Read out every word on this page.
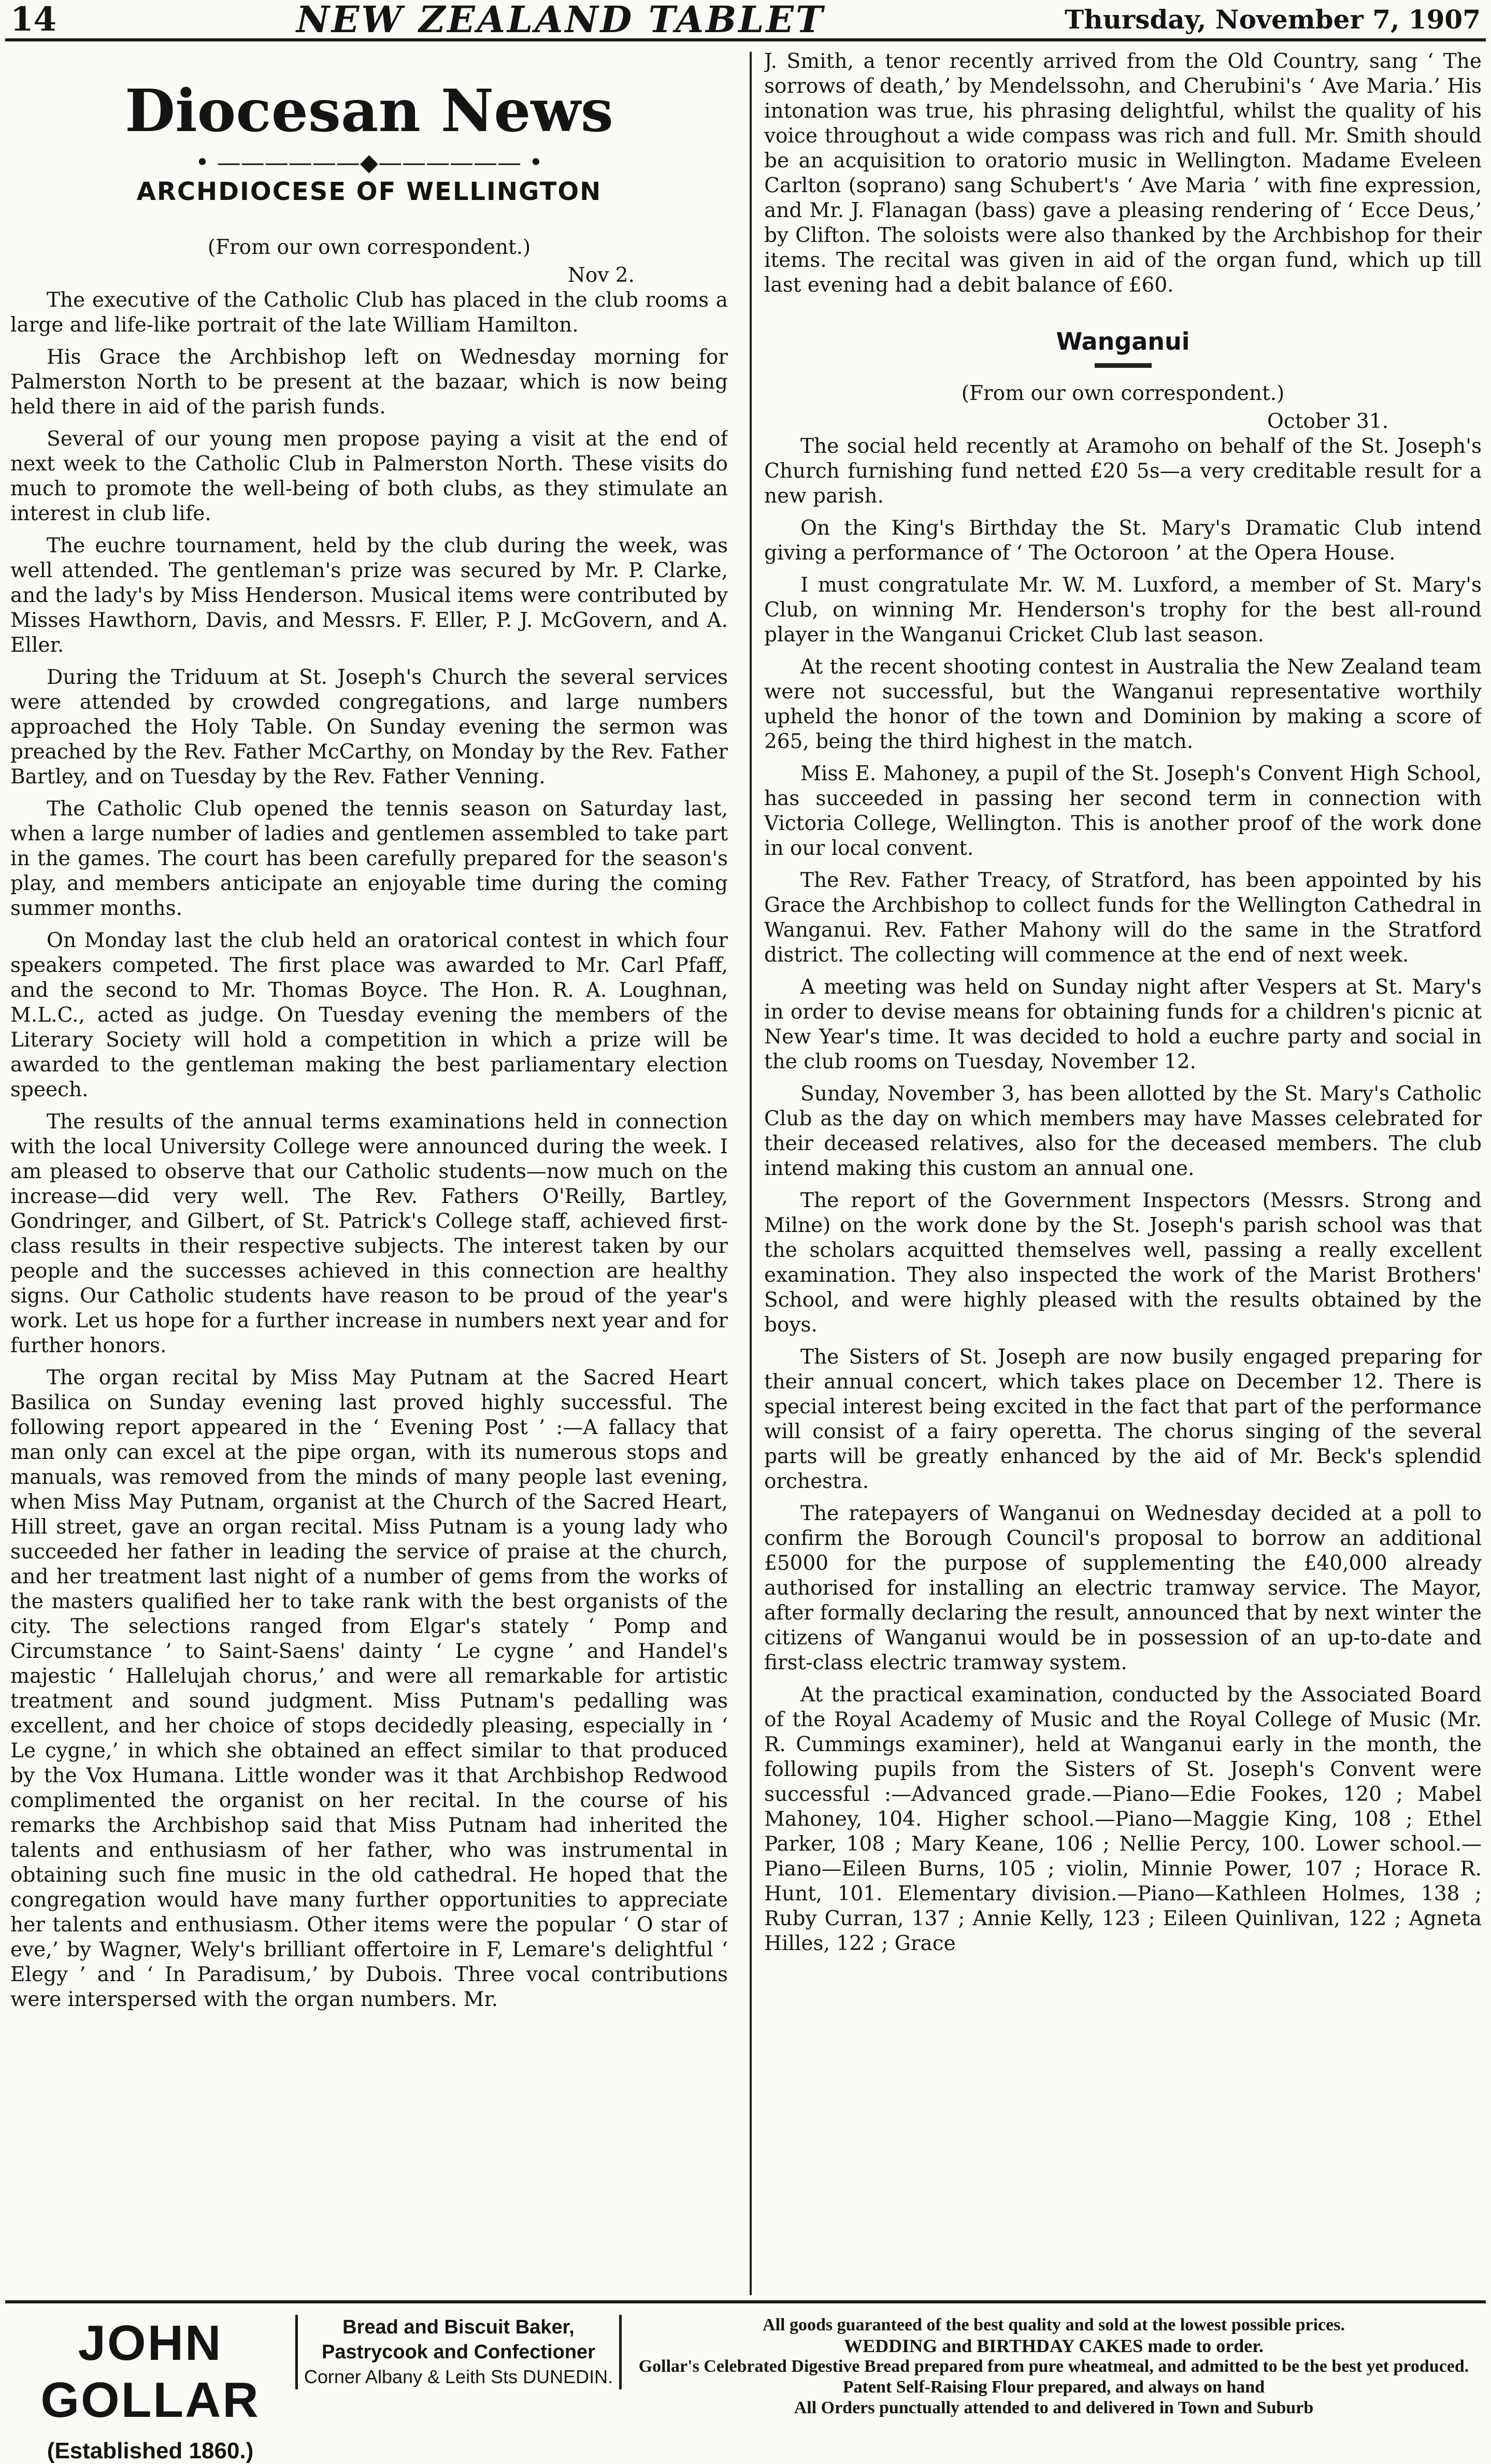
14	NEW ZEALAND TABLET	Thursday, November 7, 1907
Diocesan News
• ——————◆—————— •
ARCHDIOCESE OF WELLINGTON

(From our own correspondent.)

Nov 2.

The executive of the Catholic Club has placed in the club rooms a large and life-like portrait of the late William Hamilton.

His Grace the Archbishop left on Wednesday morning for Palmerston North to be present at the bazaar, which is now being held there in aid of the parish funds.

Several of our young men propose paying a visit at the end of next week to the Catholic Club in Palmerston North. These visits do much to promote the well-being of both clubs, as they stimulate an interest in club life.

The euchre tournament, held by the club during the week, was well attended. The gentleman's prize was secured by Mr. P. Clarke, and the lady's by Miss Henderson. Musical items were contributed by Misses Hawthorn, Davis, and Messrs. F. Eller, P. J. McGovern, and A. Eller.

During the Triduum at St. Joseph's Church the several services were attended by crowded congregations, and large numbers approached the Holy Table. On Sunday evening the sermon was preached by the Rev. Father McCarthy, on Monday by the Rev. Father Bartley, and on Tuesday by the Rev. Father Venning.

The Catholic Club opened the tennis season on Saturday last, when a large number of ladies and gentlemen assembled to take part in the games. The court has been carefully prepared for the season's play, and members anticipate an enjoyable time during the coming summer months.

On Monday last the club held an oratorical contest in which four speakers competed. The first place was awarded to Mr. Carl Pfaff, and the second to Mr. Thomas Boyce. The Hon. R. A. Loughnan, M.L.C., acted as judge. On Tuesday evening the members of the Literary Society will hold a competition in which a prize will be awarded to the gentleman making the best parliamentary election speech.

The results of the annual terms examinations held in connection with the local University College were announced during the week. I am pleased to observe that our Catholic students—now much on the increase—did very well. The Rev. Fathers O'Reilly, Bartley, Gondringer, and Gilbert, of St. Patrick's College staff, achieved first-class results in their respective subjects. The interest taken by our people and the successes achieved in this connection are healthy signs. Our Catholic students have reason to be proud of the year's work. Let us hope for a further increase in numbers next year and for further honors.

The organ recital by Miss May Putnam at the Sacred Heart Basilica on Sunday evening last proved highly successful. The following report appeared in the ‘ Evening Post ’ :—A fallacy that man only can excel at the pipe organ, with its numerous stops and manuals, was removed from the minds of many people last evening, when Miss May Putnam, organist at the Church of the Sacred Heart, Hill street, gave an organ recital. Miss Putnam is a young lady who succeeded her father in leading the service of praise at the church, and her treatment last night of a number of gems from the works of the masters qualified her to take rank with the best organists of the city. The selections ranged from Elgar's stately ‘ Pomp and Circumstance ’ to Saint-Saens' dainty ‘ Le cygne ’ and Handel's majestic ‘ Hallelujah chorus,’ and were all remarkable for artistic treatment and sound judgment. Miss Putnam's pedalling was excellent, and her choice of stops decidedly pleasing, especially in ‘ Le cygne,’ in which she obtained an effect similar to that produced by the Vox Humana. Little wonder was it that Archbishop Redwood complimented the organist on her recital. In the course of his remarks the Archbishop said that Miss Putnam had inherited the talents and enthusiasm of her father, who was instrumental in obtaining such fine music in the old cathedral. He hoped that the congregation would have many further opportunities to appreciate her talents and enthusiasm. Other items were the popular ‘ O star of eve,’ by Wagner, Wely's brilliant offertoire in F, Lemare's delightful ‘ Elegy ’ and ‘ In Paradisum,’ by Dubois. Three vocal contributions were interspersed with the organ numbers. Mr.

J. Smith, a tenor recently arrived from the Old Country, sang ‘ The sorrows of death,’ by Mendelssohn, and Cherubini's ‘ Ave Maria.’ His intonation was true, his phrasing delightful, whilst the quality of his voice throughout a wide compass was rich and full. Mr. Smith should be an acquisition to oratorio music in Wellington. Madame Eveleen Carlton (soprano) sang Schubert's ‘ Ave Maria ’ with fine expression, and Mr. J. Flanagan (bass) gave a pleasing rendering of ‘ Ecce Deus,’ by Clifton. The soloists were also thanked by the Archbishop for their items. The recital was given in aid of the organ fund, which up till last evening had a debit balance of £60.

Wanganui

(From our own correspondent.)

October 31.

The social held recently at Aramoho on behalf of the St. Joseph's Church furnishing fund netted £20 5s—a very creditable result for a new parish.

On the King's Birthday the St. Mary's Dramatic Club intend giving a performance of ‘ The Octoroon ’ at the Opera House.

I must congratulate Mr. W. M. Luxford, a member of St. Mary's Club, on winning Mr. Henderson's trophy for the best all-round player in the Wanganui Cricket Club last season.

At the recent shooting contest in Australia the New Zealand team were not successful, but the Wanganui representative worthily upheld the honor of the town and Dominion by making a score of 265, being the third highest in the match.

Miss E. Mahoney, a pupil of the St. Joseph's Convent High School, has succeeded in passing her second term in connection with Victoria College, Wellington. This is another proof of the work done in our local convent.

The Rev. Father Treacy, of Stratford, has been appointed by his Grace the Archbishop to collect funds for the Wellington Cathedral in Wanganui. Rev. Father Mahony will do the same in the Stratford district. The collecting will commence at the end of next week.

A meeting was held on Sunday night after Vespers at St. Mary's in order to devise means for obtaining funds for a children's picnic at New Year's time. It was decided to hold a euchre party and social in the club rooms on Tuesday, November 12.

Sunday, November 3, has been allotted by the St. Mary's Catholic Club as the day on which members may have Masses celebrated for their deceased relatives, also for the deceased members. The club intend making this custom an annual one.

The report of the Government Inspectors (Messrs. Strong and Milne) on the work done by the St. Joseph's parish school was that the scholars acquitted themselves well, passing a really excellent examination. They also inspected the work of the Marist Brothers' School, and were highly pleased with the results obtained by the boys.

The Sisters of St. Joseph are now busily engaged preparing for their annual concert, which takes place on December 12. There is special interest being excited in the fact that part of the performance will consist of a fairy operetta. The chorus singing of the several parts will be greatly enhanced by the aid of Mr. Beck's splendid orchestra.

The ratepayers of Wanganui on Wednesday decided at a poll to confirm the Borough Council's proposal to borrow an additional £5000 for the purpose of supplementing the £40,000 already authorised for installing an electric tramway service. The Mayor, after formally declaring the result, announced that by next winter the citizens of Wanganui would be in possession of an up-to-date and first-class electric tramway system.

At the practical examination, conducted by the Associated Board of the Royal Academy of Music and the Royal College of Music (Mr. R. Cummings examiner), held at Wanganui early in the month, the following pupils from the Sisters of St. Joseph's Convent were successful :—Advanced grade.—Piano—Edie Fookes, 120 ; Mabel Mahoney, 104. Higher school.—Piano—Maggie King, 108 ; Ethel Parker, 108 ; Mary Keane, 106 ; Nellie Percy, 100. Lower school.—Piano—Eileen Burns, 105 ; violin, Minnie Power, 107 ; Horace R. Hunt, 101. Elementary division.—Piano—Kathleen Holmes, 138 ; Ruby Curran, 137 ; Annie Kelly, 123 ; Eileen Quinlivan, 122 ; Agneta Hilles, 122 ; Grace

JOHN GOLLAR
(Established 1860.)
Bread and Biscuit Baker, Pastrycook and Confectioner
Corner Albany & Leith Sts DUNEDIN.
All goods guaranteed of the best quality and sold at the lowest possible prices.
WEDDING and BIRTHDAY CAKES made to order.
Gollar's Celebrated Digestive Bread prepared from pure wheatmeal, and admitted to be the best yet produced. Patent Self-Raising Flour prepared, and always on hand
All Orders punctually attended to and delivered in Town and Suburb
